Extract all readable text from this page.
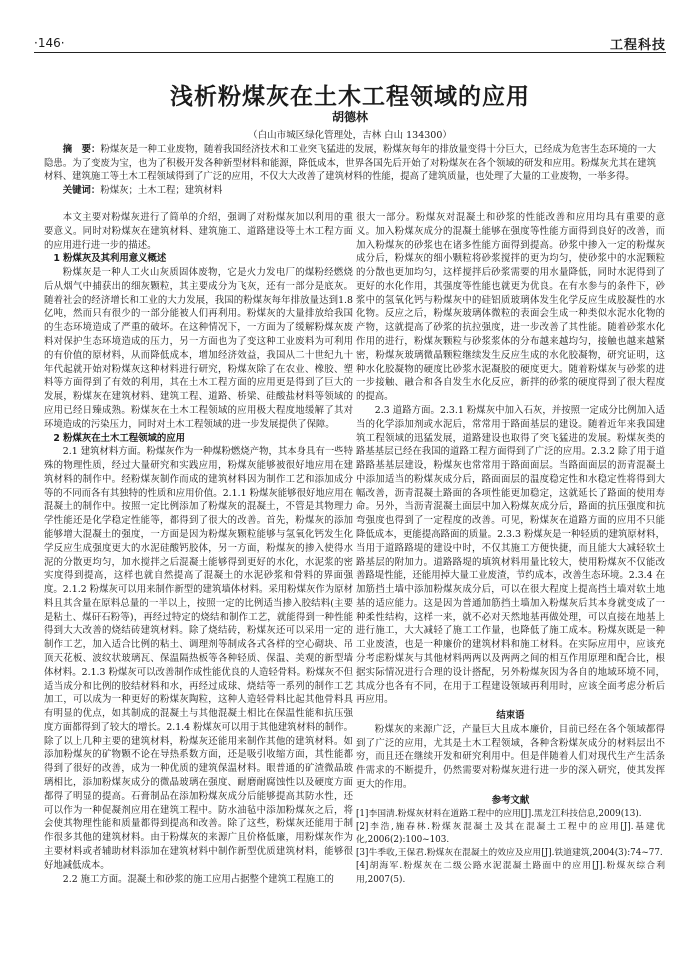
·146·	工程科技
浅析粉煤灰在土木工程领域的应用
胡德林
（白山市城区绿化管理处，吉林 白山 134300）

摘　要：粉煤灰是一种工业废物，随着我国经济技术和工业突飞猛进的发展，粉煤灰每年的排放量变得十分巨大，已经成为危害生态环境的一大隐患。为了变废为宝，也为了积极开发各种新型材料和能源，降低成本，世界各国先后开始了对粉煤灰在各个领域的研发和应用。粉煤灰尤其在建筑材料、建筑施工等土木工程领域得到了广泛的应用，不仅大大改善了建筑材料的性能，提高了建筑质量，也处理了大量的工业废物，一举多得。

关键词：粉煤灰；土木工程；建筑材料

本文主要对粉煤灰进行了简单的介绍，强调了对粉煤灰加以利用的重要意义。同时对粉煤灰在建筑材料、建筑施工、道路建设等土木工程方面的应用进行进一步的描述。

1 粉煤灰及其利用意义概述

粉煤灰是一种人工火山灰质固体废物，它是火力发电厂的煤粉经燃烧后从烟气中捕获出的细灰颗粒，其主要成分为飞灰，还有一部分是底灰。随着社会的经济增长和工业的大力发展，我国的粉煤灰每年排放量达到1.8亿吨，然而只有很少的一部分能被人们再利用。粉煤灰的大量排放给我国的生态环境造成了严重的破坏。在这种情况下，一方面为了缓解粉煤灰废料对保护生态环境造成的压力，另一方面也为了变这种工业废料为可利用的有价值的原材料，从而降低成本，增加经济效益，我国从二十世纪九十年代起就开始对粉煤灰这种材料进行研究，粉煤灰除了在农业、橡胶、塑料等方面得到了有效的利用，其在土木工程方面的应用更是得到了巨大的发展，粉煤灰在建筑材料、建筑工程、道路、桥梁、硅酸盐材料等领域的应用已经日臻成熟。粉煤灰在土木工程领域的应用极大程度地缓解了其对环境造成的污染压力，同时对土木工程领域的进一步发展提供了保障。

2 粉煤灰在土木工程领域的应用

2.1 建筑材料方面。粉煤灰作为一种煤粉燃烧产物，其本身具有一些特殊的物理性质，经过大量研究和实践应用，粉煤灰能够被很好地应用在建筑材料的制作中。经粉煤灰制作而成的建筑材料因为制作工艺和添加成分等的不同而各有其独特的性质和应用价值。2.1.1 粉煤灰能够很好地应用在混凝土的制作中。按照一定比例添加了粉煤灰的混凝土，不管是其物理力学性能还是化学稳定性能等，都得到了很大的改善。首先，粉煤灰的添加能够增大混凝土的强度，一方面是因为粉煤灰颗粒能够与氢氧化钙发生化学反应生成强度更大的水泥硅酸钙胶体，另一方面，粉煤灰的掺入使得水泥的分散更均匀，加水搅拌之后混凝土能够得到更好的水化，水泥浆的密实度得到提高，这样也就自然提高了混凝土的水泥砂浆和骨料的界面强度。2.1.2 粉煤灰可以用来制作新型的建筑墙体材料。采用粉煤灰作为原材料且其含量在原料总量的一半以上，按照一定的比例适当掺入胶结料(主要是粘土、煤矸石粉等)，再经过特定的烧结和制作工艺，就能得到一种性能得到大大改善的烧结砖建筑材料。除了烧结砖，粉煤灰还可以采用一定的制作工艺，加入适合比例的粘土、调理剂等制成各式各样的空心砌块、吊顶天花板、波纹状玻璃瓦、保温隔热板等各种轻质、保温、美观的新型墙体材料。2.1.3 粉煤灰可以改善制作成性能优良的人造轻骨料。粉煤灰不但适当成分和比例的胶结材料和水，再经过成球、烧结等一系列的制作工艺加工，可以成为一种更好的粉煤灰陶粒，这种人造轻骨料比起其他骨料具有明显的优点，如其制成的混凝土与其他混凝土相比在保温性能和抗压强度方面都得到了较大的增长。2.1.4 粉煤灰可以用于其他建筑材料的制作。除了以上几种主要的建筑材料，粉煤灰还能用来制作其他的建筑材料。如添加粉煤灰的矿物颗不论在导热系数方面，还是吸引收缩方面，其性能都得到了很好的改善，成为一种优质的建筑保温材料。眼普通的矿渣微晶玻璃相比，添加粉煤灰成分的微晶玻璃在强度、耐磨耐腐蚀性以及硬度方面都得了明显的提高。石膏制品在添加粉煤灰成分后能够提高其防水性，还可以作为一种促凝剂应用在建筑工程中。防水油毡中添加粉煤灰之后，将会使其物理性能和质量都得到提高和改善。除了这些，粉煤灰还能用于制作很多其他的建筑材料。由于粉煤灰的来源广且价格低廉，用粉煤灰作为主要材料或者辅助材料添加在建筑材料中制作新型优质建筑材料，能够很好地减低成本。

2.2 施工方面。混凝土和砂浆的施工应用占据整个建筑工程施工的

很大一部分。粉煤灰对混凝土和砂浆的性能改善和应用均具有重要的意义。加入粉煤灰成分的混凝土能够在强度等性能方面得到良好的改善，而加入粉煤灰的砂浆也在诸多性能方面得到提高。砂浆中掺入一定的粉煤灰成分后，粉煤灰的细小颗粒将砂浆搅拌的更为均匀，使砂浆中的水泥颗粒的分散也更加均匀，这样搅拌后砂浆需要的用水量降低，同时水泥得到了更好的水化作用，其强度等性能也就更为优良。在有水参与的条件下，砂浆中的氢氧化钙与粉煤灰中的硅铝质玻璃体发生化学反应生成胶凝性的水化物。反应之后，粉煤灰玻璃体微粒的表面会生成一种类似水泥水化物的产物，这就提高了砂浆的抗拉强度，进一步改善了其性能。随着砂浆水化作用的进行，粉煤灰颗粒与砂浆浆体的分布越来越均匀，接触也越来越紧密，粉煤灰玻璃微晶颗粒继续发生反应生成的水化胶凝物，研究证明，这种水化胶凝物的硬度比砂浆水泥凝胶的硬度更大。随着粉煤灰与砂浆的进一步接触、融合和各自发生水化反应，新拌的砂浆的硬度得到了很大程度的提高。

2.3 道路方面。2.3.1 粉煤灰中加入石灰，并按照一定成分比例加入适当的化学添加剂或水泥后，常常用于路面基层的建设。随着近年来我国建筑工程领域的迅猛发展，道路建设也取得了突飞猛进的发展。粉煤灰类的路基基层已经在我国的道路工程方面得到了广泛的应用。2.3.2 除了用于道路路基基层建设，粉煤灰也常常用于路面面层。当路面面层的沥青混凝土中添加适当的粉煤灰成分后，路面面层的温度稳定性和水稳定性将得到大幅改善，沥青混凝土路面的各项性能更加稳定，这就延长了路面的使用寿命。另外，当沥青混凝土面层中加入粉煤灰成分后，路面的抗压强度和抗弯强度也得到了一定程度的改善。可见，粉煤灰在道路方面的应用不只能降低成本，更能提高路面的质量。2.3.3 粉煤灰是一种轻质的建筑原材料，当用于道路路堤的建设中时，不仅其施工方便快捷，而且能大大减轻软土路基层的附加力。道路路堤的填筑材料用量比较大，使用粉煤灰不仅能改善路堤性能，还能用掉大量工业废渣，节约成本，改善生态环境。2.3.4 在加筋挡土墙中添加粉煤灰成分后，可以在很大程度上提高挡土墙对软土地基的适应能力。这是因为普通加筋挡土墙加入粉煤灰后其本身就变成了一种柔性结构，这样一来，就不必对天然地基再做处理，可以直接在地基上进行施工，大大减轻了施工工作量，也降低了施工成本。粉煤灰既是一种工业废渣，也是一种廉价的建筑材料和施工材料。在实际应用中，应该充分考虑粉煤灰与其他材料两两以及两两之间的相互作用原理和配合比，根据实际情况进行合理的设计搭配，另外粉煤灰因为各自的地域环境不同，其成分也各有不同，在用于工程建设领域再利用时，应该全面考虑分析后再应用。

结束语

粉煤灰的来源广泛，产量巨大且成本廉价，目前已经在各个领域都得到了广泛的应用，尤其是土木工程领域，各种含粉煤灰成分的材料层出不穷，而且还在继续开发和研究利用中。但是伴随着人们对现代生产生活条件需求的不断提升，仍然需要对粉煤灰进行进一步的深入研究，使其发挥更大的作用。

参考文献

[1]李国清.粉煤灰材料在道路工程中的应用[J].黑龙江科技信息,2009(13).

[2]李浩,施春林.粉煤灰混凝土及其在混凝土工程中的应用[J].基建优化,2006(2):100~103.

[3]牛季收,王保君.粉煤灰在混凝土的效应及应用[J].铁道建筑,2004(3):74~77.

[4]胡海军.粉煤灰在二级公路水泥混凝土路面中的应用[J].粉煤灰综合利用,2007(5).
